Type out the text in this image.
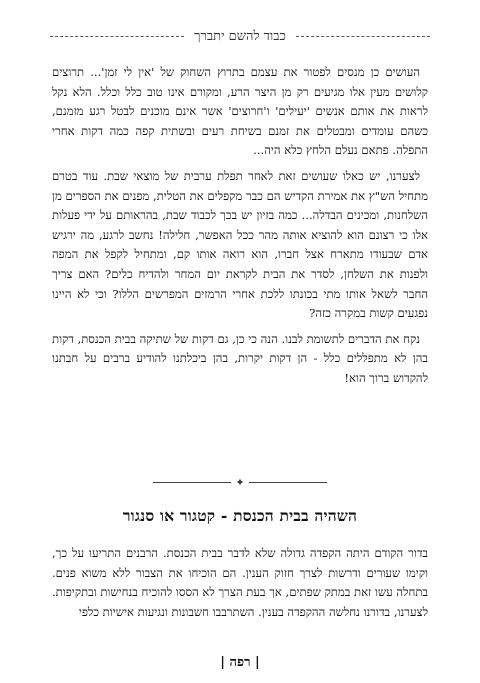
כבוד להשם יתברך

העושים כן מנסים לפטור את עצמם בתרוץ השחוק של 'אין לי זמן'... תרוצים קלושים מעין אלו מגיעים רק מן היצר הרע, ומקורם אינו טוב כלל וכלל. הלא נקל לראות את אותם אנשים 'יעילים' ו'חרוצים' אשר אינם מוכנים לבטל רגע מזמנם, כשהם עומדים ומבטלים את זמנם בשיחת רעים ובשתית קפה כמה דקות אחרי התפלה. פתאם נעלם הלחץ כלא היה...

לצערנו, יש כאלו שעושים זאת לאחר תפלת ערבית של מוצאי שבת. עוד בטרם מתחיל הש"ץ את אמירת הקדיש הם כבר מקפלים את הטלית, מפנים את הספרים מן השלחנות, ומכינים הבדלה... כמה בזיון יש בכך לכבוד שבת, בהראותם על ידי פעלות אלו כי רצונם הוא להוציא אותה מהר ככל האפשר, חלילה! נחשב לרגע, מה ירגיש אדם שבעודו מתארח אצל חברו, הוא רואה אותו קם, ומתחיל לקפל את המפה ולפנות את השלחן, לסדר את הבית לקראת יום המחר ולהדיח כלים? האם צריך החבר לשאל אותו מתי בכונתו ללכת אחרי הרמזים המפרשים הללו? וכי לא היינו נפגעים קשות במקרה כזה?

נקח את הדברים לתשומת לבנו. הנה כי כן, גם דקות של שתיקה בבית הכנסת, דקות בהן לא מתפללים כלל - הן דקות יקרות, בהן ביכלתנו להודיע ברבים על חבתנו להקדוש ברוך הוא!

✦
השהיה בבית הכנסת - קטגור או סנגור

בדור הקודם היתה הקפדה גדולה שלא לדבר בבית הכנסת. הרבנים התריעו על כך, וקימו שעורים ודרשות לצרך חזוק הענין. הם הוכיחו את הצבור ללא משוא פנים. בתחלה עשו זאת במתק שפתים, אך בעת הצרך לא הססו להוכיח בנחישות ובתקיפות. לצערנו, בדורנו נחלשה ההקפדה בענין. השתרבבו חשבונות ונגיעות אישיות כלפי

| רפה |
